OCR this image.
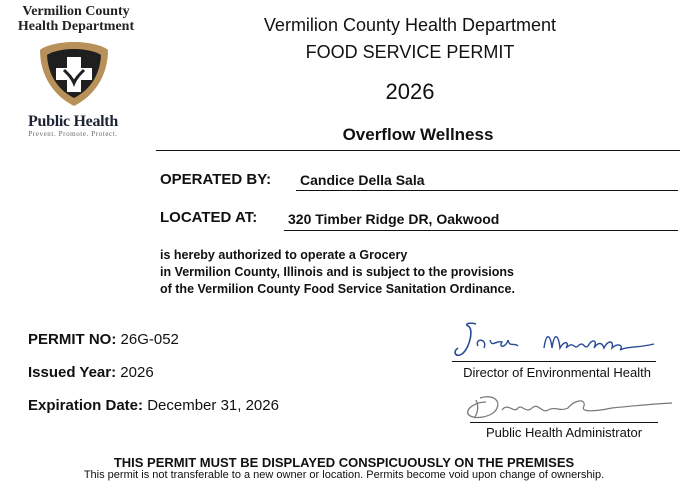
Vermilion County
Health Department
Public Health
Prevent. Promote. Protect.
Vermilion County Health Department
FOOD SERVICE PERMIT
2026
Overflow Wellness
OPERATED BY: Candice Della Sala
LOCATED AT: 320 Timber Ridge DR, Oakwood
is hereby authorized to operate a Grocery
in Vermilion County, Illinois and is subject to the provisions
of the Vermilion County Food Service Sanitation Ordinance.
PERMIT NO: 26G-052
Issued Year: 2026
Expiration Date: December 31, 2026
Director of Environmental Health
Public Health Administrator
THIS PERMIT MUST BE DISPLAYED CONSPICUOUSLY ON THE PREMISES
This permit is not transferable to a new owner or location. Permits become void upon change of ownership.
